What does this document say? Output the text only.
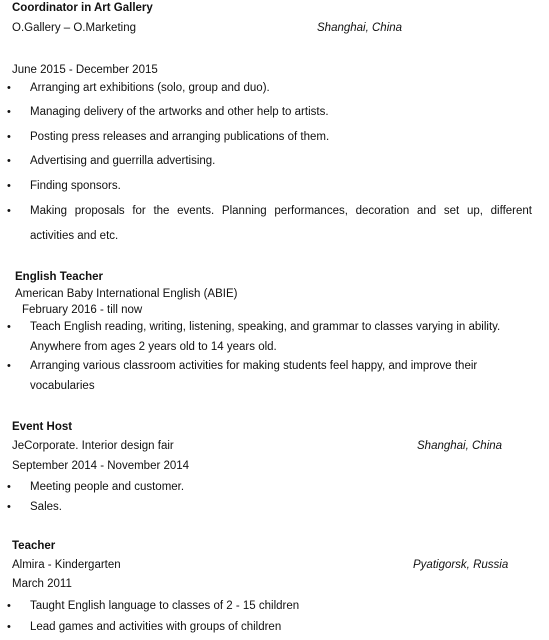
Coordinator in Art Gallery
O.Gallery – O.Marketing	Shanghai, China
June 2015 - December 2015
• Arranging art exhibitions (solo, group and duo).
• Managing delivery of the artworks and other help to artists.
• Posting press releases and arranging publications of them.
• Advertising and guerrilla advertising.
• Finding sponsors.
• Making proposals for the events. Planning performances, decoration and set up, different
activities and etc.
English Teacher
American Baby International English (ABIE)
February 2016 - till now
• Teach English reading, writing, listening, speaking, and grammar to classes varying in ability.
Anywhere from ages 2 years old to 14 years old.
• Arranging various classroom activities for making students feel happy, and improve their
vocabularies
Event Host
JeCorporate. Interior design fair	Shanghai, China
September 2014 - November 2014
• Meeting people and customer.
• Sales.
Teacher
Almira - Kindergarten	Pyatigorsk, Russia
March 2011
• Taught English language to classes of 2 - 15 children
• Lead games and activities with groups of children
